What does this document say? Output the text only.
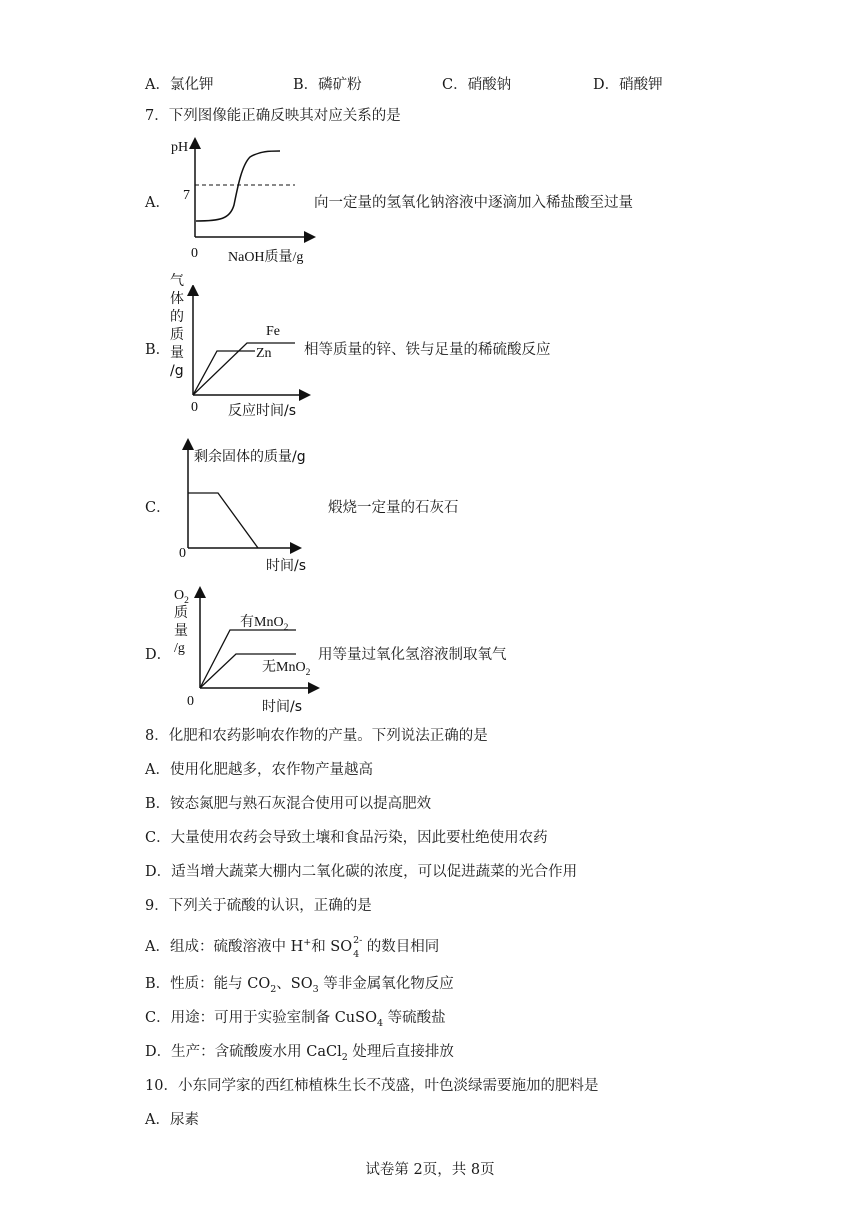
A．氯化钾	B．磷矿粉	C．硝酸钠	D．硝酸钾
7．下列图像能正确反映其对应关系的是
A．
pH
7
0 NaOH质量/g
向一定量的氢氧化钠溶液中逐滴加入稀盐酸至过量
B．
气
体
的
质
量
/g
Fe
Zn
0 反应时间/s
相等质量的锌、铁与足量的稀硫酸反应
C．
剩余固体的质量/g
0
时间/s
煅烧一定量的石灰石
D．
$O_2$
质
量
/g
有MnO$_2$
无MnO$_2$
0	时间/s
用等量过氧化氢溶液制取氧气
8．化肥和农药影响农作物的产量。下列说法正确的是
A．使用化肥越多，农作物产量越高
B．铵态氮肥与熟石灰混合使用可以提高肥效
C．大量使用农药会导致土壤和食品污染，因此要杜绝使用农药
D．适当增大蔬菜大棚内二氧化碳的浓度，可以促进蔬菜的光合作用
9．下列关于硫酸的认识，正确的是
A．组成：硫酸溶液中 H+和 SO 2-
4 的数目相同
B．性质：能与 $CO_2$、$SO_3$ 等非金属氧化物反应
C．用途：可用于实验室制备 CuSO$_4$ 等硫酸盐
D．生产：含硫酸废水用 CaCl$_2$ 处理后直接排放
10．小东同学家的西红柿植株生长不茂盛，叶色淡绿需要施加的肥料是
A．尿素
试卷第 2页，共 8页
